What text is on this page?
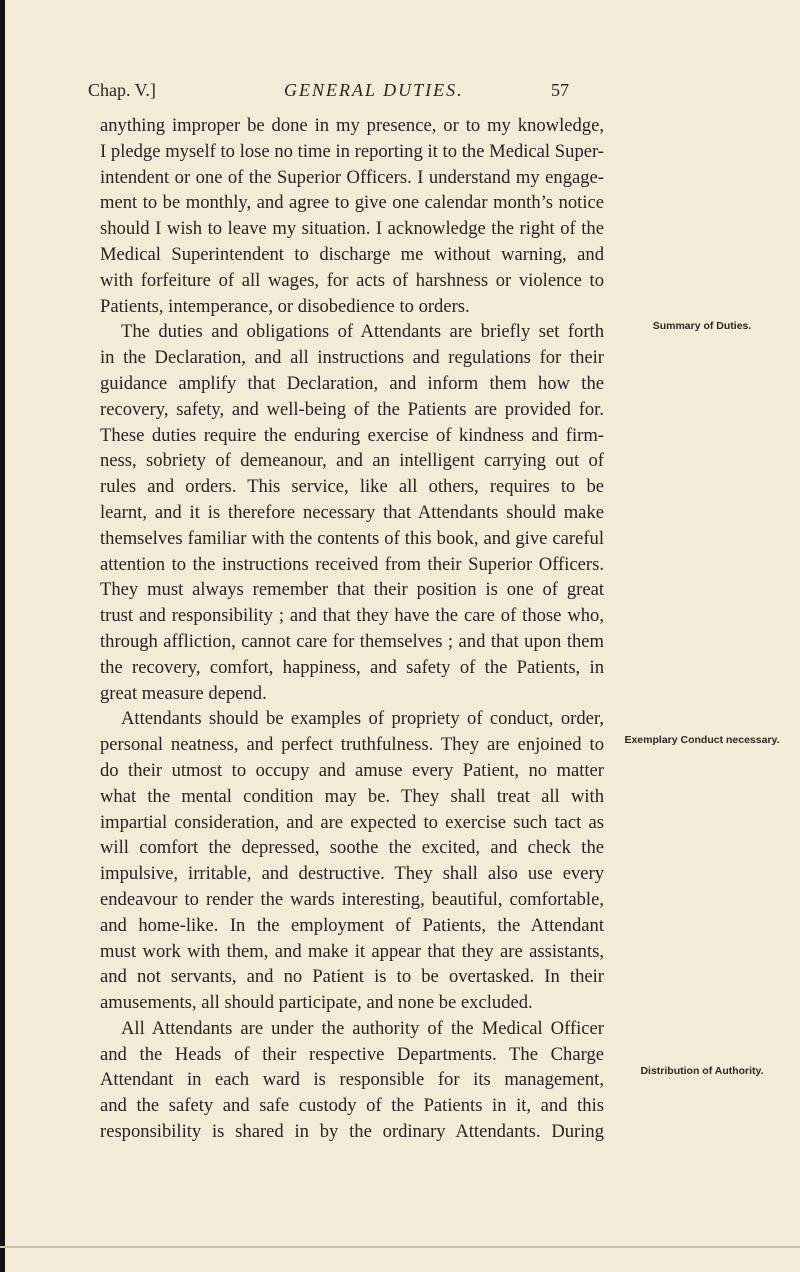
Chap. V.]	GENERAL DUTIES.	57
anything improper be done in my presence, or to my knowledge,
I pledge myself to lose no time in reporting it to the Medical Super-
intendent or one of the Superior Officers. I understand my engage-
ment to be monthly, and agree to give one calendar month’s notice
should I wish to leave my situation. I acknowledge the right of the
Medical Superintendent to discharge me without warning, and
with forfeiture of all wages, for acts of harshness or violence to
Patients, intemperance, or disobedience to orders.
The duties and obligations of Attendants are briefly set forth
in the Declaration, and all instructions and regulations for their
guidance amplify that Declaration, and inform them how the
recovery, safety, and well-being of the Patients are provided for.
These duties require the enduring exercise of kindness and firm-
ness, sobriety of demeanour, and an intelligent carrying out of
rules and orders. This service, like all others, requires to be
learnt, and it is therefore necessary that Attendants should make
themselves familiar with the contents of this book, and give careful
attention to the instructions received from their Superior Officers.
They must always remember that their position is one of great
trust and responsibility ; and that they have the care of those who,
through affliction, cannot care for themselves ; and that upon them
the recovery, comfort, happiness, and safety of the Patients, in
great measure depend.
Attendants should be examples of propriety of conduct, order,
personal neatness, and perfect truthfulness. They are enjoined to
do their utmost to occupy and amuse every Patient, no matter
what the mental condition may be. They shall treat all with
impartial consideration, and are expected to exercise such tact as
will comfort the depressed, soothe the excited, and check the
impulsive, irritable, and destructive. They shall also use every
endeavour to render the wards interesting, beautiful, comfortable,
and home-like. In the employment of Patients, the Attendant
must work with them, and make it appear that they are assistants,
and not servants, and no Patient is to be overtasked. In their
amusements, all should participate, and none be excluded.
All Attendants are under the authority of the Medical Officer
and the Heads of their respective Departments. The Charge
Attendant in each ward is responsible for its management,
and the safety and safe custody of the Patients in it, and this
responsibility is shared in by the ordinary Attendants. During
Summary of Duties.
Exemplary Conduct necessary.
Distribution of Authority.
